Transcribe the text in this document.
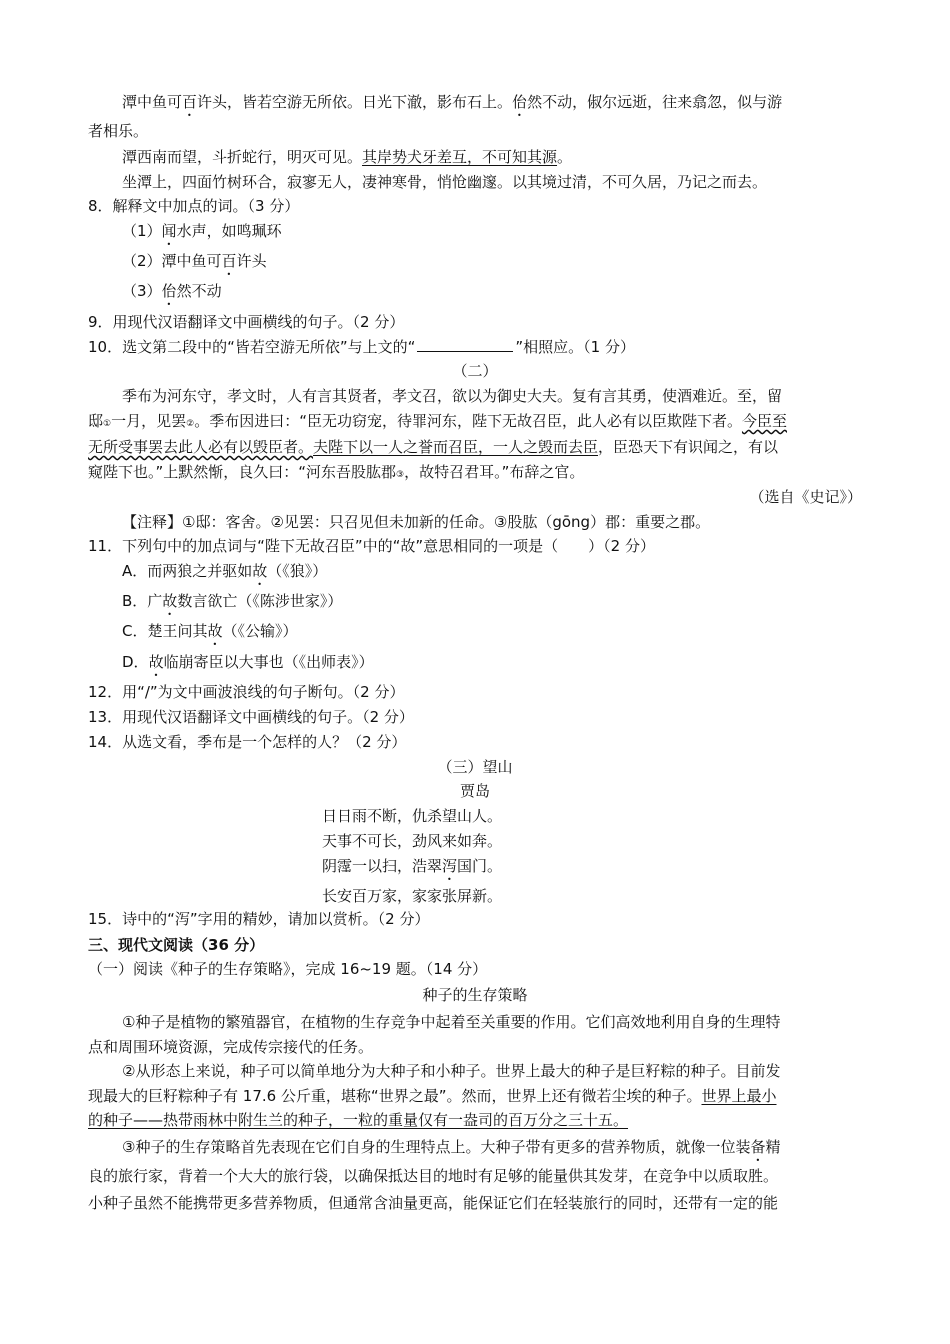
潭中鱼可百许头，皆若空游无所依。日光下澈，影布石上。佁然不动，俶尔远逝，往来翕忽，似与游
者相乐。
潭西南而望，斗折蛇行，明灭可见。其岸势犬牙差互，不可知其源。
坐潭上，四面竹树环合，寂寥无人，凄神寒骨，悄怆幽邃。以其境过清，不可久居，乃记之而去。
8．解释文中加点的词。（3 分）
（1）闻水声，如鸣珮环
（2）潭中鱼可百许头
（3）佁然不动
9．用现代汉语翻译文中画横线的句子。（2 分）
10．选文第二段中的“皆若空游无所依”与上文的“	”相照应。（1 分）
（二）
季布为河东守，孝文时，人有言其贤者，孝文召，欲以为御史大夫。复有言其勇，使酒难近。至，留
邸①一月，见罢②。季布因进曰：“臣无功窃宠，待罪河东，陛下无故召臣，此人必有以臣欺陛下者。今臣至
无所受事罢去此人必有以毁臣者。夫陛下以一人之誉而召臣，一人之毁而去臣，臣恐天下有识闻之，有以
窥陛下也。”上默然惭，良久曰：“河东吾股肱郡③，故特召君耳。”布辞之官。
（选自《史记》）
【注释】①邸：客舍。②见罢：只召见但未加新的任命。③股肱（gōng）郡：重要之郡。
11．下列句中的加点词与“陛下无故召臣”中的“故”意思相同的一项是（　　）（2 分）
A．而两狼之并驱如故（《狼》）
B．广故数言欲亡（《陈涉世家》）
C．楚王问其故（《公输》）
D．故临崩寄臣以大事也（《出师表》）
12．用“/”为文中画波浪线的句子断句。（2 分）
13．用现代汉语翻译文中画横线的句子。（2 分）
14．从选文看，季布是一个怎样的人？（2 分）
（三）望山
贾岛
日日雨不断，仇杀望山人。
天事不可长，劲风来如奔。
阴霪一以扫，浩翠泻国门。
长安百万家，家家张屏新。
15．诗中的“泻”字用的精妙，请加以赏析。（2 分）
三、现代文阅读（36 分）
（一）阅读《种子的生存策略》，完成 16~19 题。（14 分）
种子的生存策略
①种子是植物的繁殖器官，在植物的生存竞争中起着至关重要的作用。它们高效地利用自身的生理特
点和周围环境资源，完成传宗接代的任务。
②从形态上来说，种子可以简单地分为大种子和小种子。世界上最大的种子是巨籽粽的种子。目前发
现最大的巨籽粽种子有 17.6 公斤重，堪称“世界之最”。然而，世界上还有微若尘埃的种子。世界上最小
的种子——热带雨林中附生兰的种子，一粒的重量仅有一盎司的百万分之三十五。
③种子的生存策略首先表现在它们自身的生理特点上。大种子带有更多的营养物质，就像一位装备精
良的旅行家，背着一个大大的旅行袋，以确保抵达目的地时有足够的能量供其发芽，在竞争中以质取胜。
小种子虽然不能携带更多营养物质，但通常含油量更高，能保证它们在轻装旅行的同时，还带有一定的能
